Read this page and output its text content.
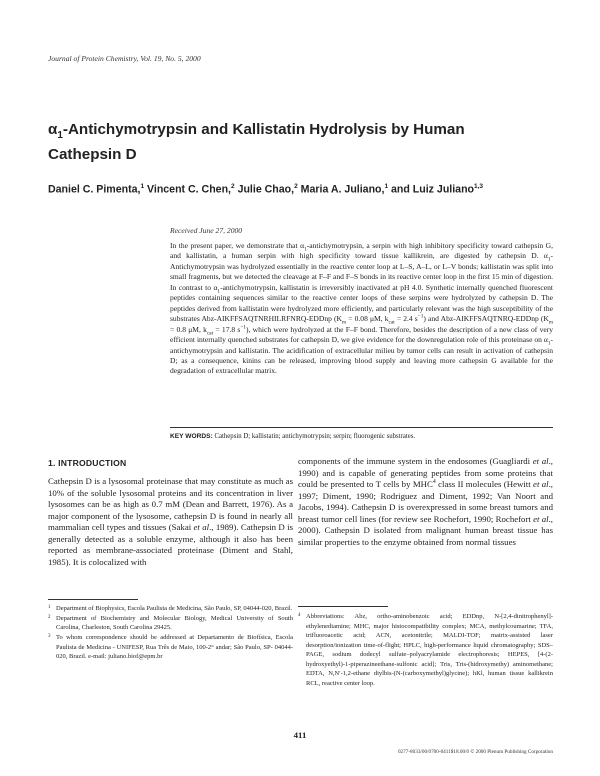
Journal of Protein Chemistry, Vol. 19, No. 5, 2000
$\alpha_1$-Antichymotrypsin and Kallistatin Hydrolysis by Human Cathepsin D
Daniel C. Pimenta,$^1$ Vincent C. Chen,$^2$ Julie Chao,$^2$ Maria A. Juliano,$^1$ and Luiz Juliano$^{1,3}$
Received June 27, 2000
In the present paper, we demonstrate that $\alpha_1$-antichymotrypsin, a serpin with high inhibitory specificity toward cathepsin G, and kallistatin, a human serpin with high specificity toward tissue kallikrein, are digested by cathepsin D. $\alpha_1$-Antichymotrypsin was hydrolyzed essentially in the reactive center loop at L–S, A–L, or L–V bonds; kallistatin was split into small fragments, but we detected the cleavage at F–F and F–S bonds in its reactive center loop in the first 15 min of digestion. In contrast to $\alpha_1$-antichymotrypsin, kallistatin is irreversibly inactivated at pH 4.0. Synthetic internally quenched fluorescent peptides containing sequences similar to the reactive center loops of these serpins were hydrolyzed by cathepsin D. The peptides derived from kallistatin were hydrolyzed more efficiently, and particularly relevant was the high susceptibility of the substrates Abz-AIKFFSAQTNRHILRFNRQ-EDDnp ($K_m = 0.08$ μM, $k_{cat} = 2.4$ $s^{-1}$) and Abz-AIKFFSAQTNRQ-EDDnp ($K_m = 0.8$ μM, $k_{cat} = 17.8$ $s^{-1}$), which were hydrolyzed at the F–F bond. Therefore, besides the description of a new class of very efficient internally quenched substrates for cathepsin D, we give evidence for the downregulation role of this proteinase on $\alpha_1$-antichymotrypsin and kallistatin. The acidification of extracellular milieu by tumor cells can result in activation of cathepsin D; as a consequence, kinins can be released, improving blood supply and leaving more cathepsin G available for the degradation of extracellular matrix.
KEY WORDS: Cathepsin D; kallistatin; antichymotrypsin; serpin; fluorogenic substrates.
1. INTRODUCTION
Cathepsin D is a lysosomal proteinase that may constitute as much as 10% of the soluble lysosomal proteins and its concentration in liver lysosomes can be as high as 0.7 mM (Dean and Barrett, 1976). As a major component of the lysosome, cathepsin D is found in nearly all mammalian cell types and tissues (Sakai et al., 1989). Cathepsin D is generally detected as a soluble enzyme, although it also has been reported as membrane-associated proteinase (Diment and Stahl, 1985). It is colocalized with
components of the immune system in the endosomes (Guagliardi et al., 1990) and is capable of generating peptides from some proteins that could be presented to T cells by MHC$^4$ class II molecules (Hewitt et al., 1997; Diment, 1990; Rodriguez and Diment, 1992; Van Noort and Jacobs, 1994). Cathepsin D is overexpressed in some breast tumors and breast tumor cell lines (for review see Rochefort, 1990; Rochefort et al., 2000). Cathepsin D isolated from malignant human breast tissue has similar properties to the enzyme obtained from normal tissues
1 Department of Biophysics, Escola Paulista de Medicina, São Paulo, SP, 04044-020, Brazil.
2 Department of Biochemistry and Molecular Biology, Medical University of South Carolina, Charleston, South Carolina 29425.
3 To whom correspondence should be addressed at Departamento de Biofísica, Escola Paulista de Medicina - UNIFESP, Rua Três de Maio, 100-2° andar; São Paulo, SP- 04044-020, Brazil. e-mail: juliano.biof@epm.br
4 Abbreviations: Abz, ortho-aminobenzoic acid; EDDnp, N-[2,4-dinitrophenyl]-ethylenediamine; MHC, major histocompatibility complex; MCA, methylcoumarine; TFA, trifluoroacetic acid; ACN, acetonitrile; MALDI-TOF; matrix-assisted laser desorption/ionization time-of-flight; HPLC, high-performance liquid chromatography; SDS–PAGE, sodium dodecyl sulfate–polyacrylamide electrophoresis; HEPES, [4-(2-hydroxyethyl)-1-piperazineethane-sulfonic acid]; Tris, Tris-(hidroxymethy) aminomethane; EDTA, N,N′-1,2-ethane diylbis-(N-(carboxymethyl)glycine); hKl, human tissue kallikrein RCL, reactive center loop.
411
0277-8033/00/0700-0411$18.00/0 © 2000 Plenum Publishing Corporation
